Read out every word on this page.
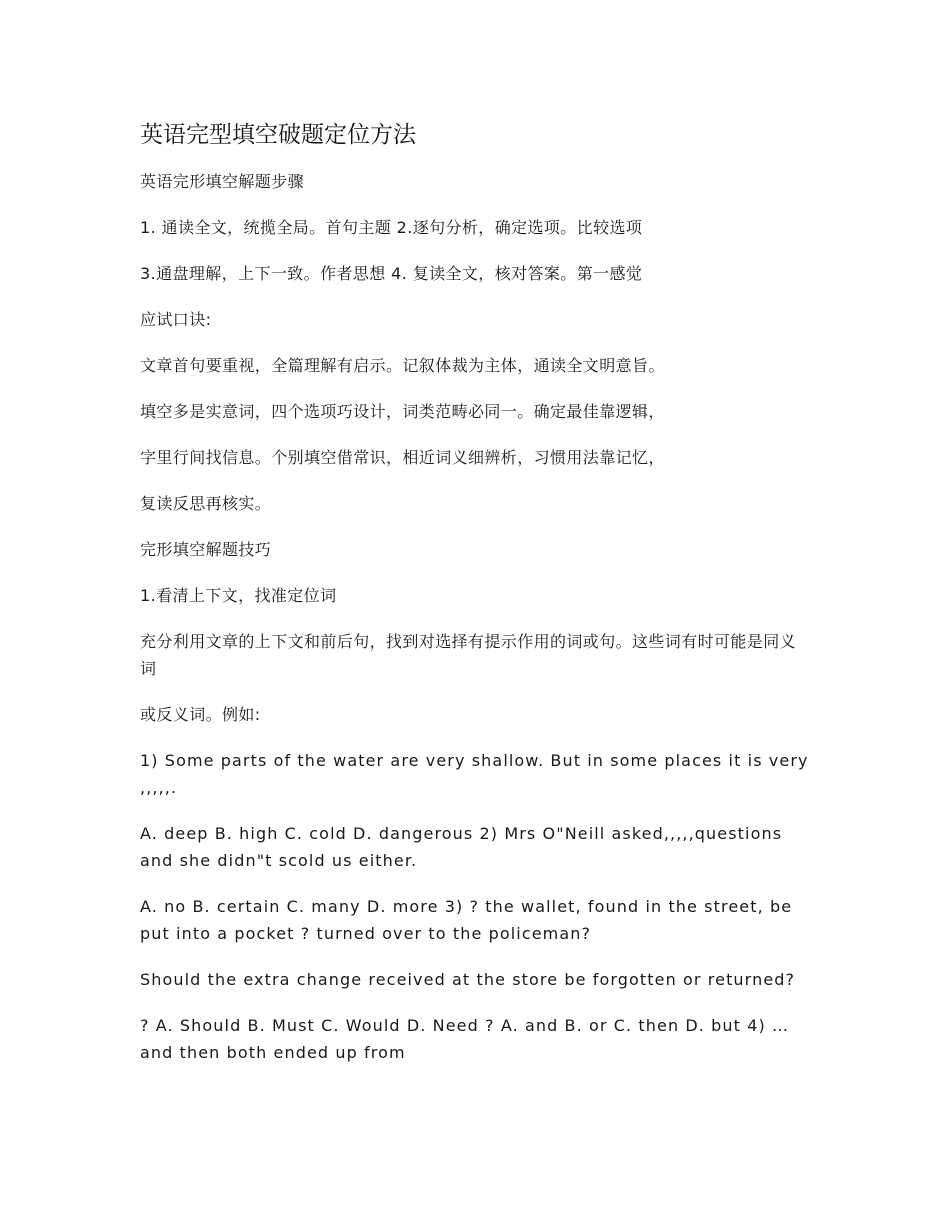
英语完型填空破题定位方法

英语完形填空解题步骤

1. 通读全文，统揽全局。首句主题 2.逐句分析，确定选项。比较选项

3.通盘理解，上下一致。作者思想 4. 复读全文，核对答案。第一感觉

应试口诀:

文章首句要重视，全篇理解有启示。记叙体裁为主体，通读全文明意旨。

填空多是实意词，四个选项巧设计，词类范畴必同一。确定最佳靠逻辑，

字里行间找信息。个别填空借常识，相近词义细辨析，习惯用法靠记忆，

复读反思再核实。

完形填空解题技巧

1.看清上下文，找准定位词

充分利用文章的上下文和前后句，找到对选择有提示作用的词或句。这些词有时可能是同义词

或反义词。例如:

1) Some parts of the water are very shallow. But in some places it is very ,,,,,.

A. deep B. high C. cold D. dangerous 2) Mrs O"Neill asked,,,,,questions and she didn"t scold us either.

A. no B. certain C. many D. more 3) ? the wallet, found in the street, be put into a pocket ? turned over to the policeman?

Should the extra change received at the store be forgotten or returned?

? A. Should B. Must C. Would D. Need ? A. and B. or C. then D. but 4) … and then both ended up from
